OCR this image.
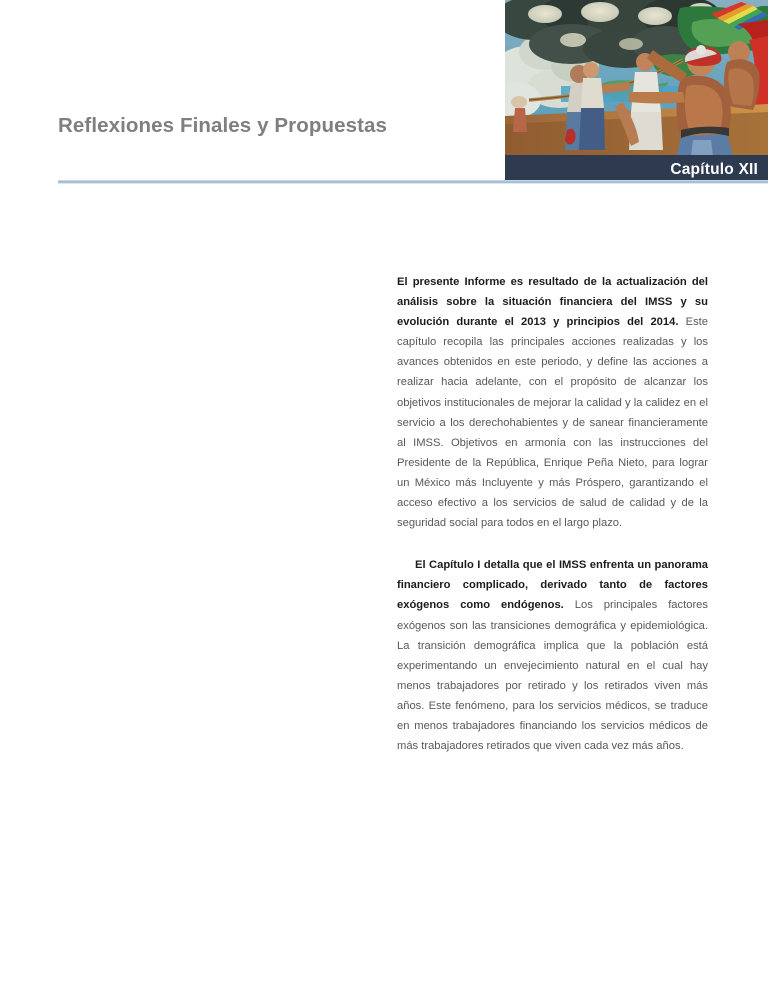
Reflexiones Finales y Propuestas
Capítulo XII

El presente Informe es resultado de la actualización del análisis sobre la situación financiera del IMSS y su evolución durante el 2013 y principios del 2014. Este capítulo recopila las principales acciones realizadas y los avances obtenidos en este periodo, y define las acciones a realizar hacia adelante, con el propósito de alcanzar los objetivos institucionales de mejorar la calidad y la calidez en el servicio a los derechohabientes y de sanear financieramente al IMSS. Objetivos en armonía con las instrucciones del Presidente de la República, Enrique Peña Nieto, para lograr un México más Incluyente y más Próspero, garantizando el acceso efectivo a los servicios de salud de calidad y de la seguridad social para todos en el largo plazo.

El Capítulo I detalla que el IMSS enfrenta un panorama financiero complicado, derivado tanto de factores exógenos como endógenos. Los principales factores exógenos son las transiciones demográfica y epidemiológica. La transición demográfica implica que la población está experimentando un envejecimiento natural en el cual hay menos trabajadores por retirado y los retirados viven más años. Este fenómeno, para los servicios médicos, se traduce en menos trabajadores financiando los servicios médicos de más trabajadores retirados que viven cada vez más años.
